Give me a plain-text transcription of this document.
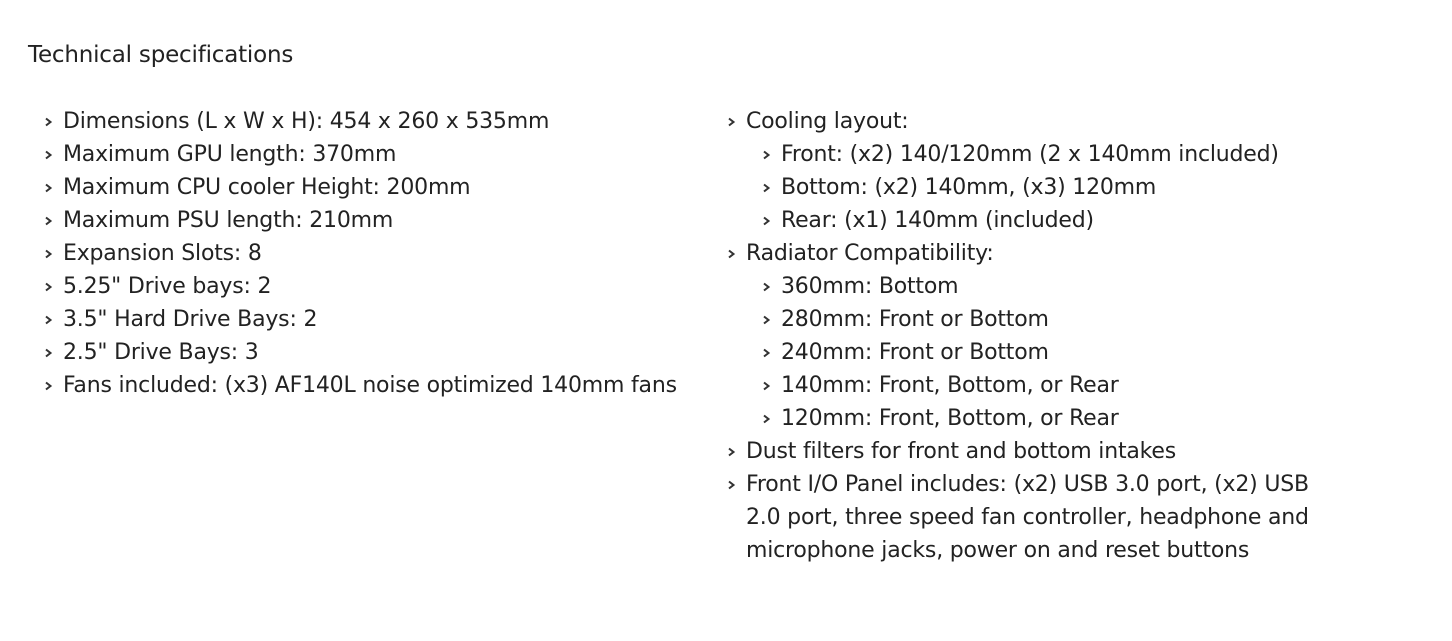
Technical specifications
Dimensions (L x W x H): 454 x 260 x 535mm
Maximum GPU length: 370mm
Maximum CPU cooler Height: 200mm
Maximum PSU length: 210mm
Expansion Slots: 8
5.25" Drive bays: 2
3.5" Hard Drive Bays: 2
2.5" Drive Bays: 3
Fans included: (x3) AF140L noise optimized 140mm fans
Cooling layout:
Front: (x2) 140/120mm (2 x 140mm included)
Bottom: (x2) 140mm, (x3) 120mm
Rear: (x1) 140mm (included)
Radiator Compatibility:
360mm: Bottom
280mm: Front or Bottom
240mm: Front or Bottom
140mm: Front, Bottom, or Rear
120mm: Front, Bottom, or Rear
Dust filters for front and bottom intakes
Front I/O Panel includes: (x2) USB 3.0 port, (x2) USB 2.0 port, three speed fan controller, headphone and microphone jacks, power on and reset buttons
